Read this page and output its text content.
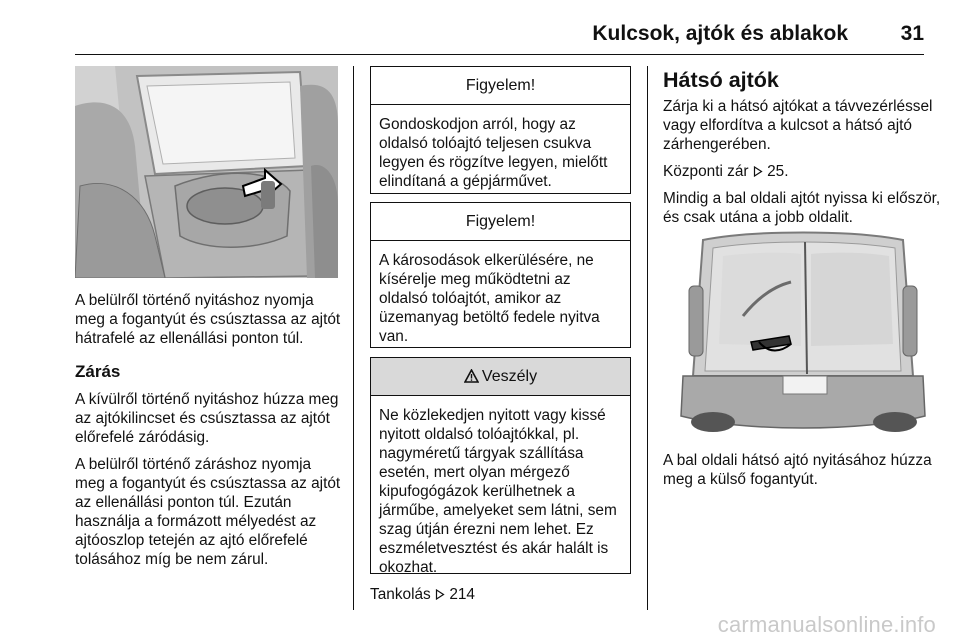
Kulcsok, ajtók és ablakok	31

A belülről történő nyitáshoz nyomja meg a fogantyút és csúsztassa az ajtót hátrafelé az ellenállási ponton túl.

Zárás

A kívülről történő nyitáshoz húzza meg az ajtókilincset és csúsztassa az ajtót előrefelé záródásig.

A belülről történő záráshoz nyomja meg a fogantyút és csúsztassa az ajtót az ellenállási ponton túl. Ezután használja a formázott mélyedést az ajtóoszlop tetején az ajtó előrefelé tolásához míg be nem zárul.

Figyelem!
Gondoskodjon arról, hogy az oldalsó tolóajtó teljesen csukva legyen és rögzítve legyen, mielőtt elindítaná a gépjárművet.
Figyelem!
A károsodások elkerülésére, ne kísérelje meg működtetni az oldalsó tolóajtót, amikor az üzemanyag betöltő fedele nyitva van.
Veszély
Ne közlekedjen nyitott vagy kissé nyitott oldalsó tolóajtókkal, pl. nagyméretű tárgyak szállítása esetén, mert olyan mérgező kipufogógázok kerülhetnek a járműbe, amelyeket sem látni, sem szag útján érezni nem lehet. Ez eszméletvesztést és akár halált is okozhat.
Tankolás 214
Hátsó ajtók

Zárja ki a hátsó ajtókat a távvezérléssel vagy elfordítva a kulcsot a hátsó ajtó zárhengerében.

Központi zár 25.

Mindig a bal oldali ajtót nyissa ki először, és csak utána a jobb oldalit.

A bal oldali hátsó ajtó nyitásához húzza meg a külső fogantyút.

carmanualsonline.info
